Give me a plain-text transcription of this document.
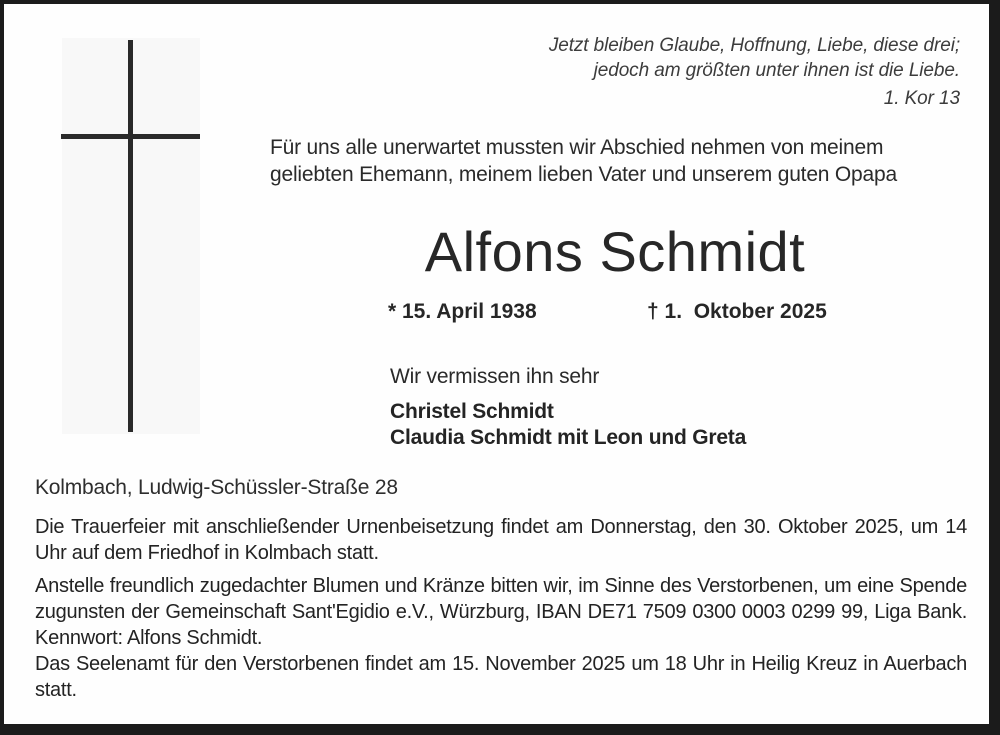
Jetzt bleiben Glaube, Hoffnung, Liebe, diese drei;
jedoch am größten unter ihnen ist die Liebe.
1. Kor 13
Für uns alle unerwartet mussten wir Abschied nehmen von meinem geliebten Ehemann, meinem lieben Vater und unserem guten Opapa
Alfons Schmidt
* 15. April 1938	† 1.  Oktober 2025
Wir vermissen ihn sehr
Christel Schmidt
Claudia Schmidt mit Leon und Greta
Kolmbach, Ludwig-Schüssler-Straße 28

Die Trauerfeier mit anschließender Urnenbeisetzung findet am Donnerstag, den 30. Oktober 2025, um 14 Uhr auf dem Friedhof in Kolmbach statt.

Anstelle freundlich zugedachter Blumen und Kränze bitten wir, im Sinne des Verstorbenen, um eine Spende zugunsten der Gemeinschaft Sant'Egidio e.V., Würzburg, IBAN DE71 7509 0300 0003 0299 99, Liga Bank. Kennwort: Alfons Schmidt.

Das Seelenamt für den Verstorbenen findet am 15. November 2025 um 18 Uhr in Heilig Kreuz in Auerbach statt.
